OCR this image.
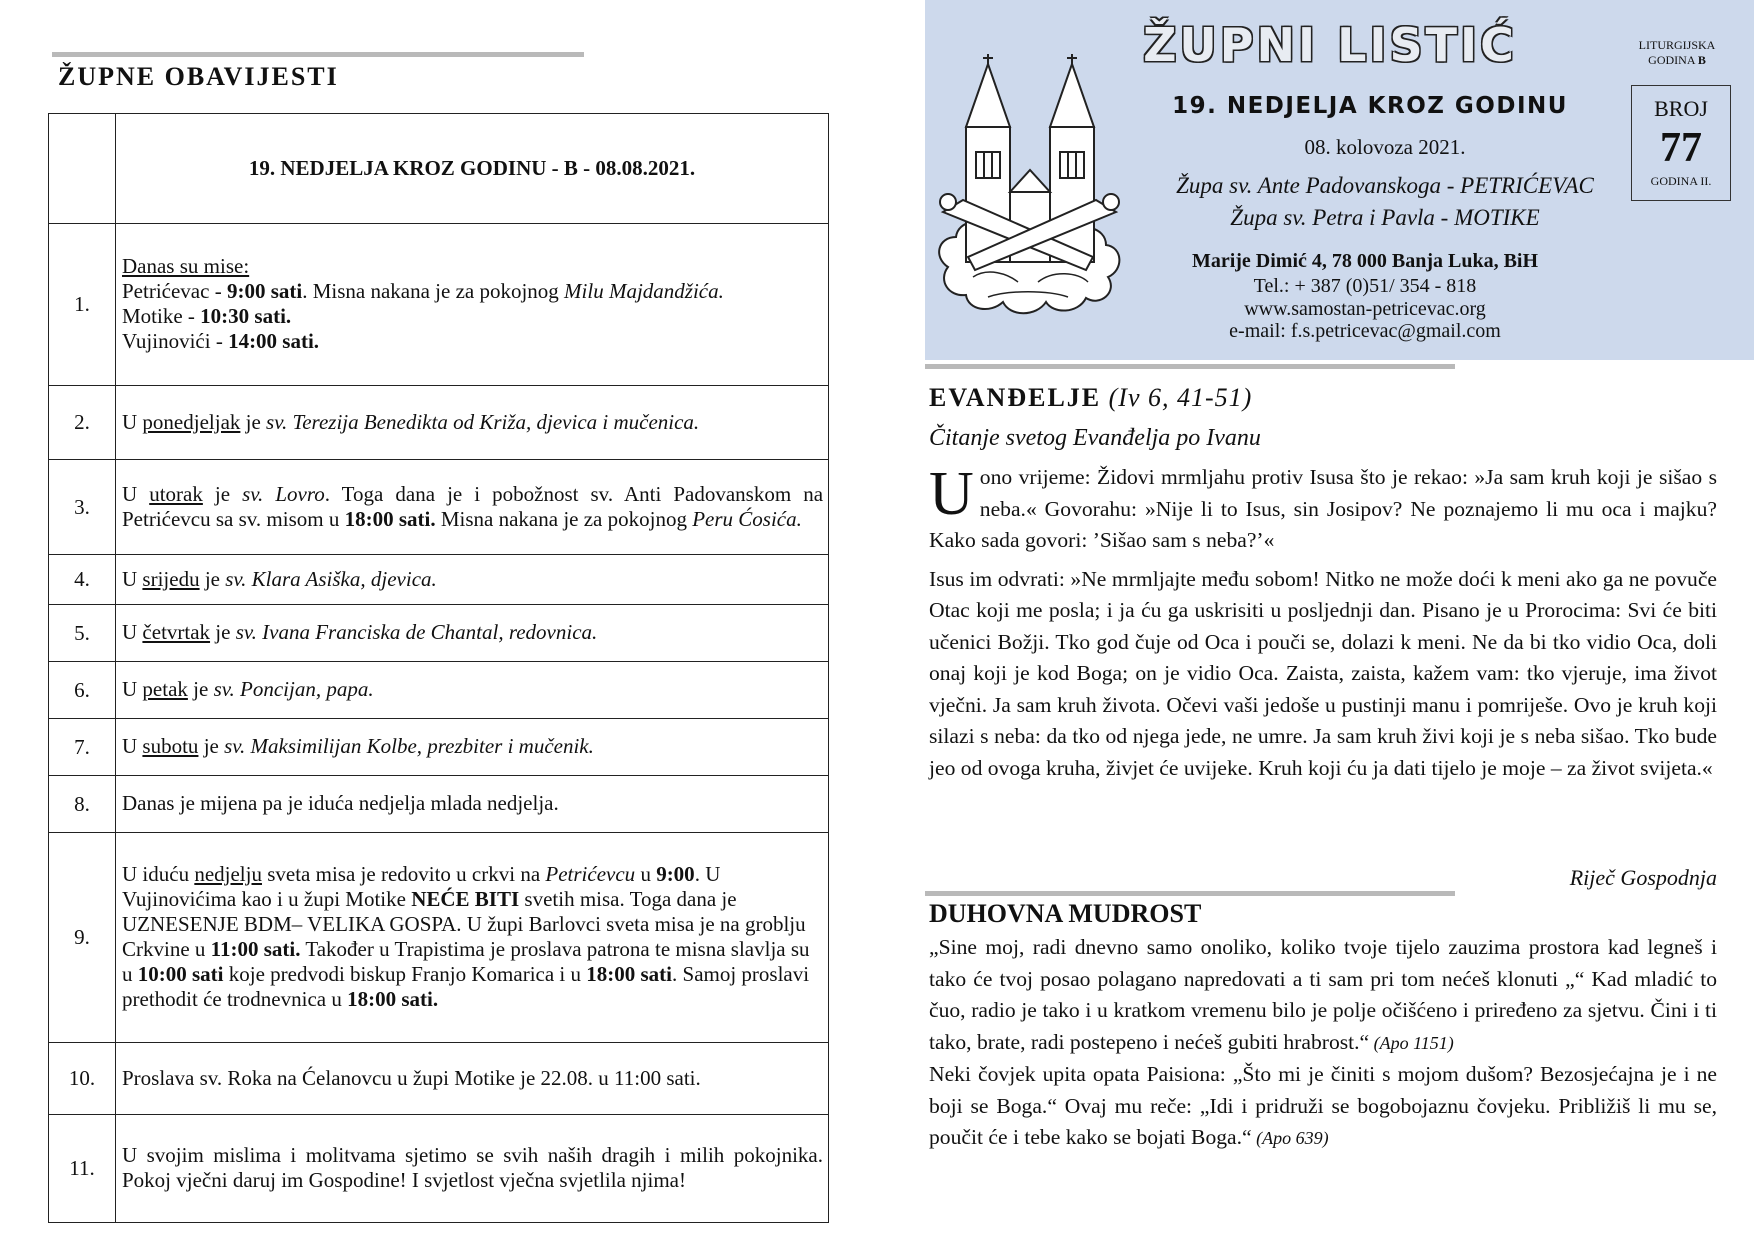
ŽUPNE OBAVIJESTI
	19. NEDJELJA KROZ GODINU - B - 08.08.2021.
1.	Danas su mise:
Petrićevac - 9:00 sati. Misna nakana je za pokojnog Milu Majdandžića.
Motike - 10:30 sati.
Vujinovići - 14:00 sati.
2.	U ponedjeljak je sv. Terezija Benedikta od Križa, djevica i mučenica.
3.	U utorak je sv. Lovro. Toga dana je i pobožnost sv. Anti Padovanskom na Petrićevcu sa sv. misom u 18:00 sati. Misna nakana je za pokojnog Peru Ćosića.
4.	U srijedu je sv. Klara Asiška, djevica.
5.	U četvrtak je sv. Ivana Franciska de Chantal, redovnica.
6.	U petak je sv. Poncijan, papa.
7.	U subotu je sv. Maksimilijan Kolbe, prezbiter i mučenik.
8.	Danas je mijena pa je iduća nedjelja mlada nedjelja.
9.	U iduću nedjelju sveta misa je redovito u crkvi na Petrićevcu u 9:00. U Vujinovićima kao i u župi Motike NEĆE BITI svetih misa. Toga dana je UZNESENJE BDM– VELIKA GOSPA. U župi Barlovci sveta misa je na groblju Crkvine u 11:00 sati. Također u Trapistima je proslava patrona te misna slavlja su u 10:00 sati koje predvodi biskup Franjo Komarica i u 18:00 sati. Samoj proslavi prethodit će trodnevnica u 18:00 sati.
10.	Proslava sv. Roka na Ćelanovcu u župi Motike je 22.08. u 11:00 sati.
11.	U svojim mislima i molitvama sjetimo se svih naših dragih i milih pokojnika. Pokoj vječni daruj im Gospodine! I svjetlost vječna svjetlila njima!
ŽUPNI LISTIĆ	LITURGIJSKA
GODINA B
BROJ
77
GODINA II.
19. NEDJELJA KROZ GODINU
08. kolovoza 2021.
Župa sv. Ante Padovanskoga - PETRIĆEVAC
Župa sv. Petra i Pavla - MOTIKE
Marije Dimić 4, 78 000 Banja Luka, BiH
Tel.: + 387 (0)51/ 354 - 818
www.samostan-petricevac.org
e-mail: f.s.petricevac@gmail.com
EVANĐELJE (Iv 6, 41-51)
Čitanje svetog Evanđelja po Ivanu

Uono vrijeme: Židovi mrmljahu protiv Isusa što je rekao: »Ja sam kruh koji je sišao s neba.« Govorahu: »Nije li to Isus, sin Josipov? Ne poznajemo li mu oca i majku? Kako sada govori: ’Sišao sam s neba?’«

Isus im odvrati: »Ne mrmljajte među sobom! Nitko ne može doći k meni ako ga ne povuče Otac koji me posla; i ja ću ga uskrisiti u posljednji dan. Pisano je u Prorocima: Svi će biti učenici Božji. Tko god čuje od Oca i pouči se, dolazi k meni. Ne da bi tko vidio Oca, doli onaj koji je kod Boga; on je vidio Oca. Zaista, zaista, kažem vam: tko vjeruje, ima život vječni. Ja sam kruh života. Očevi vaši jedoše u pustinji manu i pomriješe. Ovo je kruh koji silazi s neba: da tko od njega jede, ne umre. Ja sam kruh živi koji je s neba sišao. Tko bude jeo od ovoga kruha, živjet će uvijeke. Kruh koji ću ja dati tijelo je moje – za život svijeta.«

Riječ Gospodnja
DUHOVNA MUDROST

„Sine moj, radi dnevno samo onoliko, koliko tvoje tijelo zauzima prostora kad legneš i tako će tvoj posao polagano napredovati a ti sam pri tom nećeš klonuti „“ Kad mladić to čuo, radio je tako i u kratkom vremenu bilo je polje očišćeno i priređeno za sjetvu. Čini i ti tako, brate, radi postepeno i nećeš gubiti hrabrost.“ (Apo 1151)

Neki čovjek upita opata Paisiona: „Što mi je činiti s mojom dušom? Bezosjećajna je i ne boji se Boga.“ Ovaj mu reče: „Idi i pridruži se bogobojaznu čovjeku. Približiš li mu se, poučit će i tebe kako se bojati Boga.“ (Apo 639)
